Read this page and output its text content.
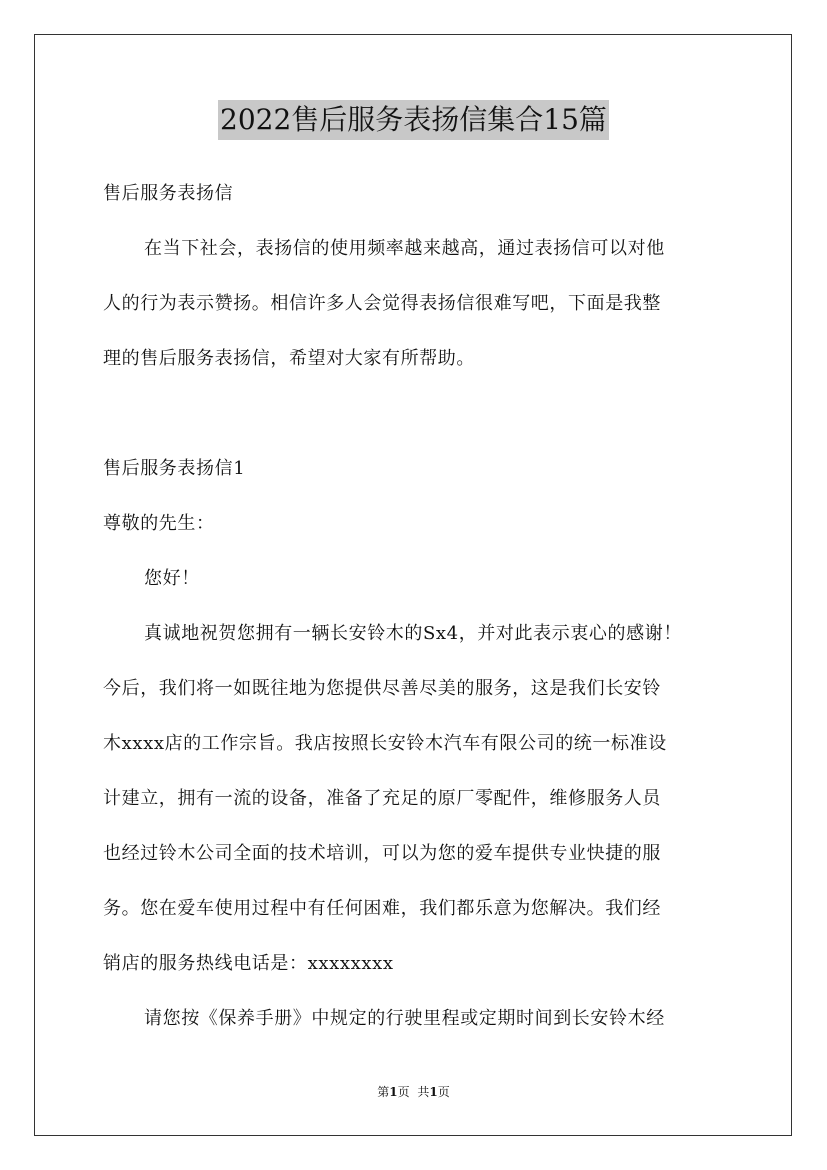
2022售后服务表扬信集合15篇
售后服务表扬信
在当下社会，表扬信的使用频率越来越高，通过表扬信可以对他
人的行为表示赞扬。相信许多人会觉得表扬信很难写吧，下面是我整
理的售后服务表扬信，希望对大家有所帮助。
售后服务表扬信1
尊敬的先生：
您好！
真诚地祝贺您拥有一辆长安铃木的Sx4，并对此表示衷心的感谢！
今后，我们将一如既往地为您提供尽善尽美的服务，这是我们长安铃
木xxxx店的工作宗旨。我店按照长安铃木汽车有限公司的统一标准设
计建立，拥有一流的设备，准备了充足的原厂零配件，维修服务人员
也经过铃木公司全面的技术培训，可以为您的爱车提供专业快捷的服
务。您在爱车使用过程中有任何困难，我们都乐意为您解决。我们经
销店的服务热线电话是：xxxxxxxx
请您按《保养手册》中规定的行驶里程或定期时间到长安铃木经
第1页 共1页
